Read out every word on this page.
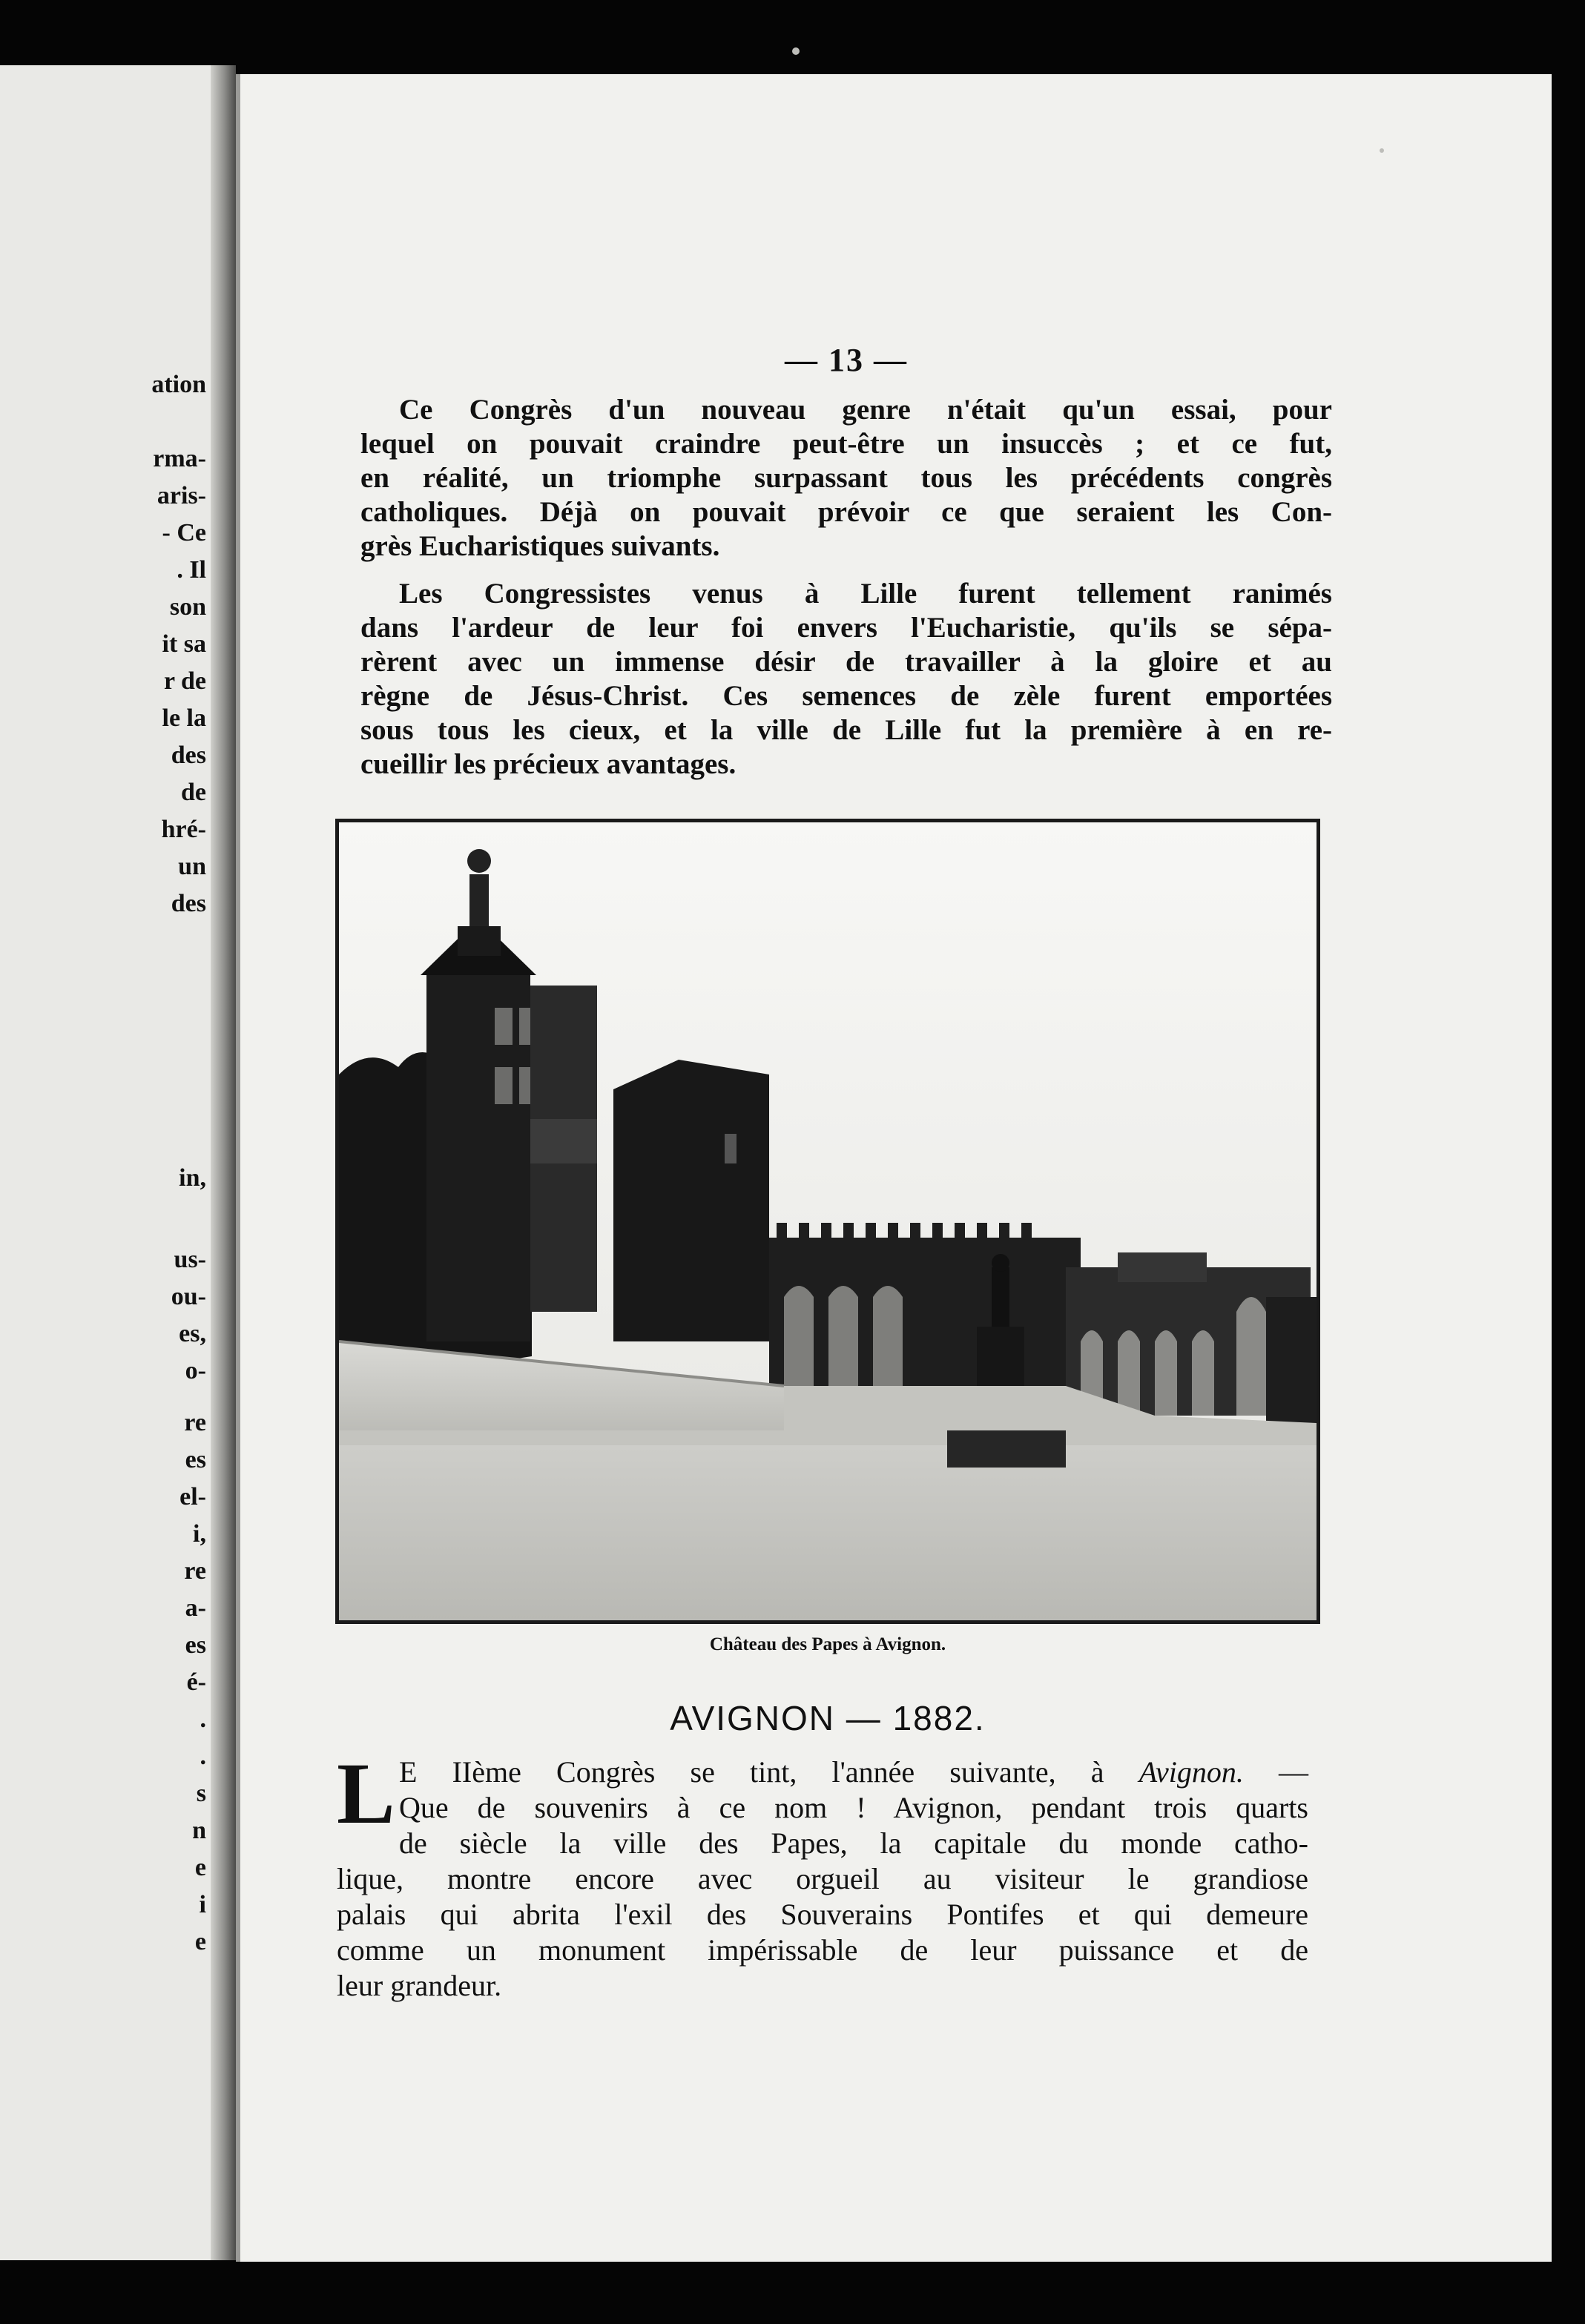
ation
rma-
aris-
- Ce
. Il
son
it sa
r de
le la
des
de
hré-
un
des
in,
us-
ou-
es,
o-
re
es
el-
i,
re
a-
es
é-
.
.
s
n
e
i
e
— 13 —
Ce Congrès d'un nouveau genre n'était qu'un essai, pour
lequel on pouvait craindre peut-être un insuccès ; et ce fut,
en réalité, un triomphe surpassant tous les précédents congrès
catholiques. Déjà on pouvait prévoir ce que seraient les Con-
grès Eucharistiques suivants.
Les Congressistes venus à Lille furent tellement ranimés
dans l'ardeur de leur foi envers l'Eucharistie, qu'ils se sépa-
rèrent avec un immense désir de travailler à la gloire et au
règne de Jésus-Christ. Ces semences de zèle furent emportées
sous tous les cieux, et la ville de Lille fut la première à en re-
cueillir les précieux avantages.
Château des Papes à Avignon.
AVIGNON — 1882.
L E IIème Congrès se tint, l'année suivante, à Avignon. —
Que de souvenirs à ce nom ! Avignon, pendant trois quarts
de siècle la ville des Papes, la capitale du monde catho-
lique, montre encore avec orgueil au visiteur le grandiose
palais qui abrita l'exil des Souverains Pontifes et qui demeure
comme un monument impérissable de leur puissance et de
leur grandeur.
